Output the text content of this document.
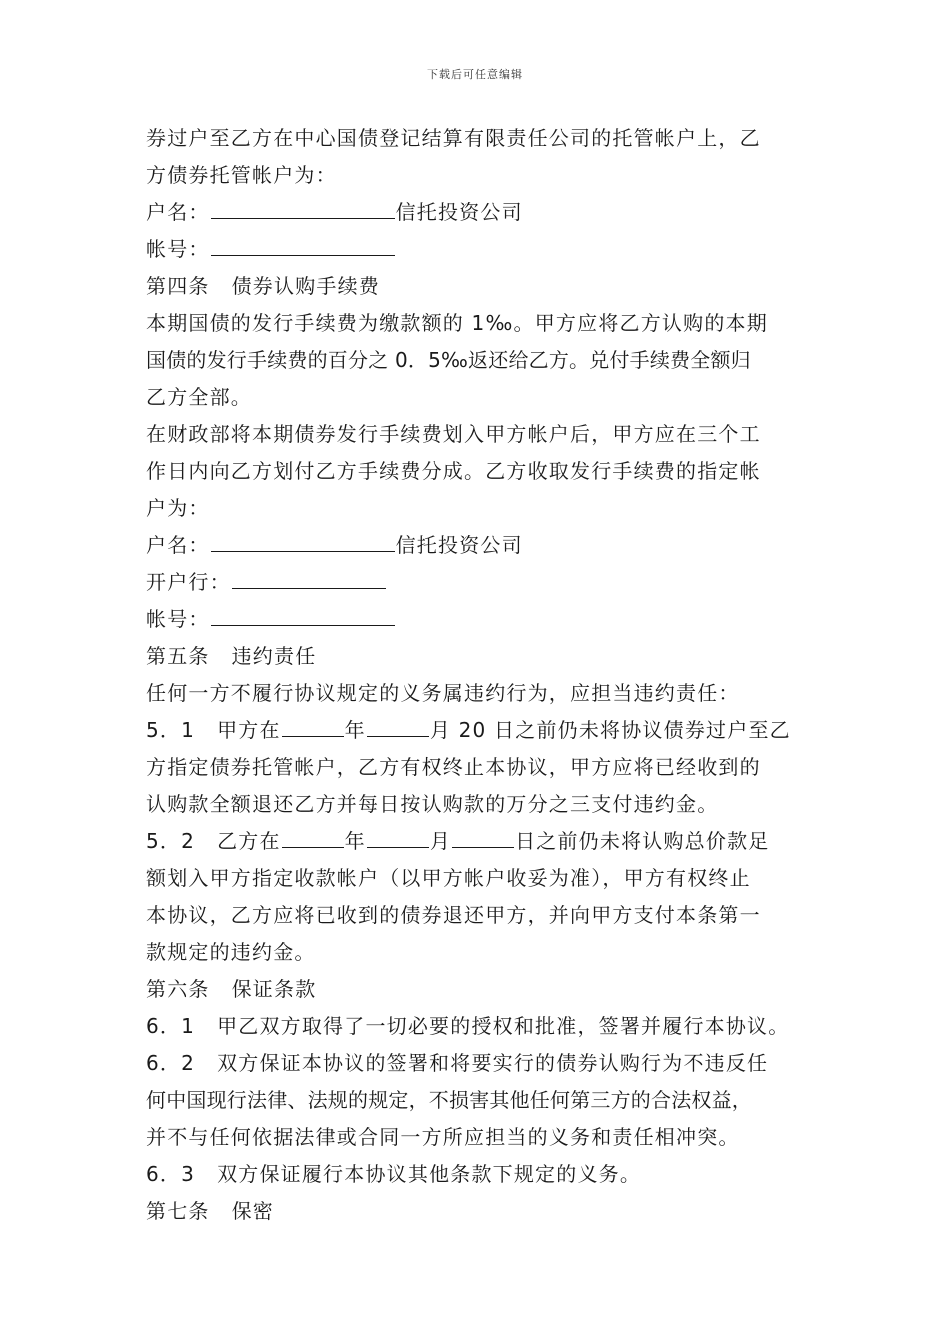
下载后可任意编辑
券过户至乙方在中心国债登记结算有限责任公司的托管帐户上，乙
方债券托管帐户为：
户名：	信托投资公司
帐号：
第四条 债券认购手续费
本期国债的发行手续费为缴款额的 1‰。甲方应将乙方认购的本期
国债的发行手续费的百分之 0．5‰返还给乙方。兑付手续费全额归
乙方全部。
在财政部将本期债券发行手续费划入甲方帐户后，甲方应在三个工
作日内向乙方划付乙方手续费分成。乙方收取发行手续费的指定帐
户为：
户名：	信托投资公司
开户行：
帐号：
第五条 违约责任
任何一方不履行协议规定的义务属违约行为，应担当违约责任：
5．1 甲方在	年	月 20 日之前仍未将协议债券过户至乙
方指定债券托管帐户，乙方有权终止本协议，甲方应将已经收到的
认购款全额退还乙方并每日按认购款的万分之三支付违约金。
5．2 乙方在	年	月	日之前仍未将认购总价款足
额划入甲方指定收款帐户（以甲方帐户收妥为准），甲方有权终止
本协议，乙方应将已收到的债券退还甲方，并向甲方支付本条第一
款规定的违约金。
第六条 保证条款
6．1 甲乙双方取得了一切必要的授权和批准，签署并履行本协议。
6．2 双方保证本协议的签署和将要实行的债券认购行为不违反任
何中国现行法律、法规的规定，不损害其他任何第三方的合法权益，
并不与任何依据法律或合同一方所应担当的义务和责任相冲突。
6．3 双方保证履行本协议其他条款下规定的义务。
第七条 保密
